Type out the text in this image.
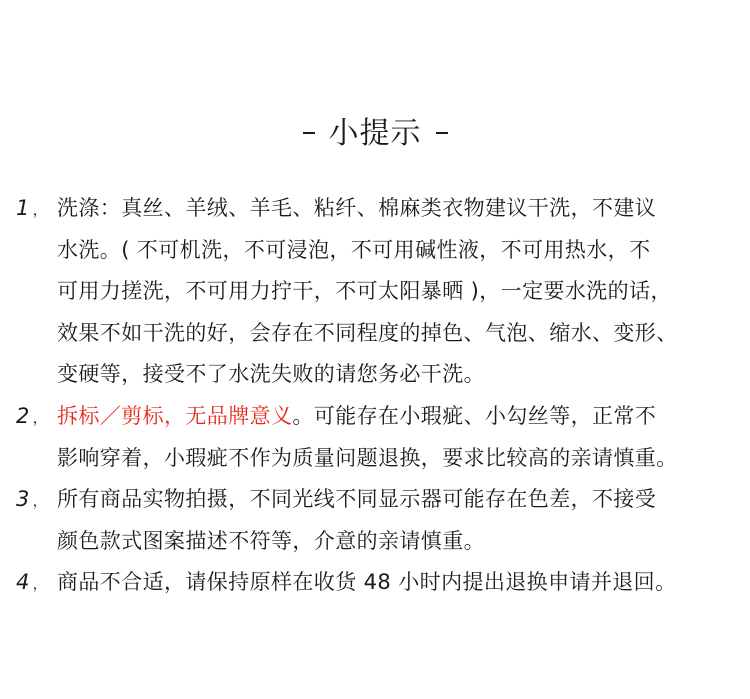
小提示
1 ， 洗涤：真丝、羊绒、羊毛、粘纤、棉麻类衣物建议干洗，不建议
水洗。( 不可机洗，不可浸泡，不可用碱性液，不可用热水，不
可用力搓洗，不可用力拧干，不可太阳暴晒 )，一定要水洗的话，
效果不如干洗的好，会存在不同程度的掉色、气泡、缩水、变形、
变硬等，接受不了水洗失败的请您务必干洗。
2 ， 拆标／剪标，无品牌意义。可能存在小瑕疵、小勾丝等，正常不
影响穿着，小瑕疵不作为质量问题退换，要求比较高的亲请慎重。
3 ， 所有商品实物拍摄，不同光线不同显示器可能存在色差，不接受
颜色款式图案描述不符等，介意的亲请慎重。
4 ， 商品不合适，请保持原样在收货 48 小时内提出退换申请并退回。
